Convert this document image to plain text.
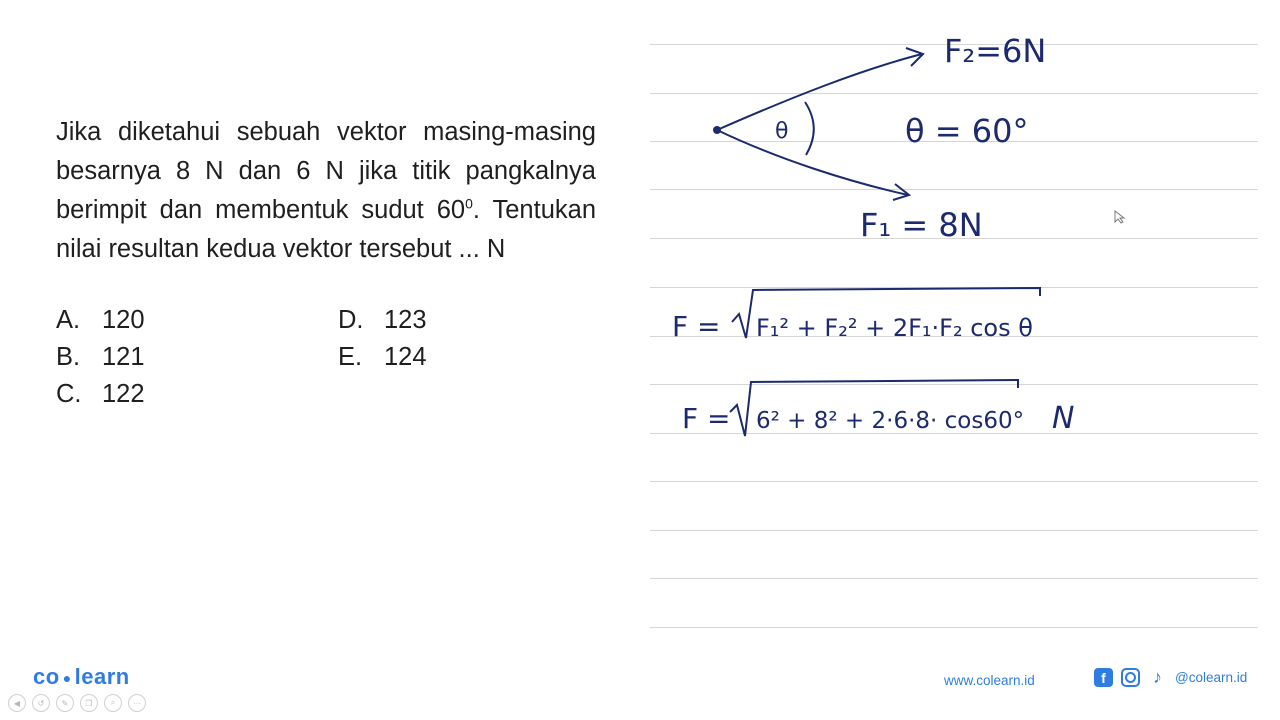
Jika diketahui sebuah vektor masing-masing besarnya 8 N dan 6 N jika titik pangkalnya berimpit dan membentuk sudut $60^0$. Tentukan nilai resultan kedua vektor tersebut ... N

A. 120
B. 121
C. 122
D. 123
E. 124
F₂=6N
θ	θ = 60°
F₁ = 8N
F = F₁² + F₂² + 2F₁·F₂ cos θ
F = 6² + 8² + 2·6·8· cos60° N
co ● learn
◀	↺	✎	❐	⌕	···
www.colearn.id	f	♪ @colearn.id
